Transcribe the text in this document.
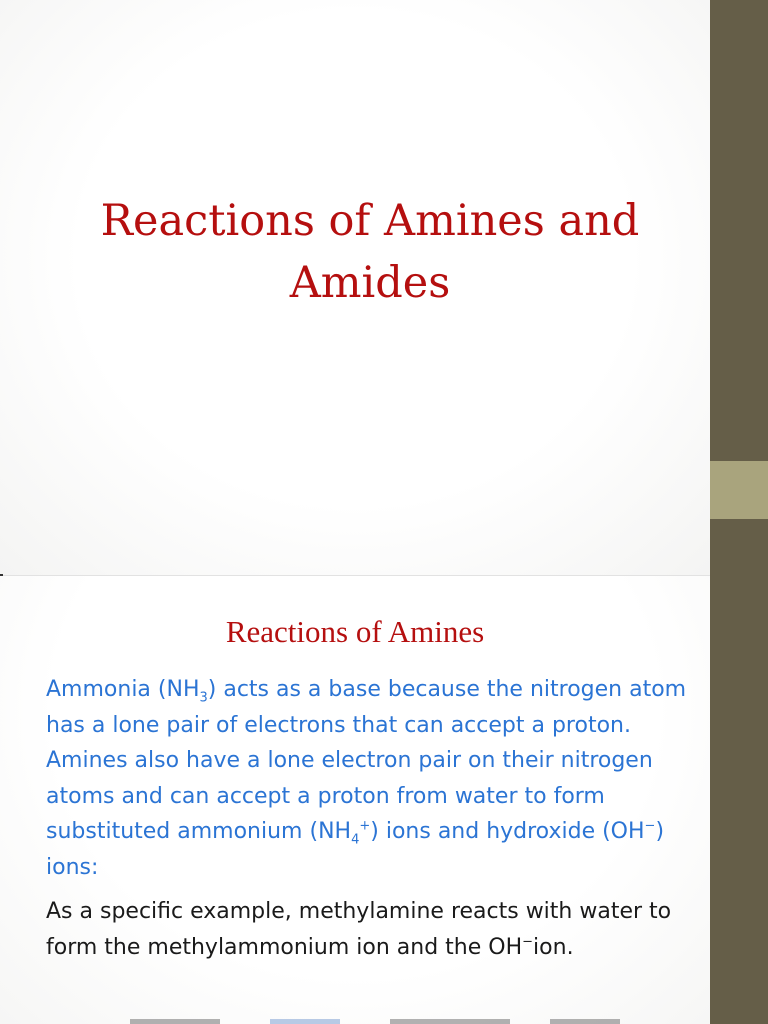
Reactions of Amines and
Amides
Reactions of Amines

Ammonia $(NH_3)$ acts as a base because the nitrogen atom has a lone pair of electrons that can accept a proton. Amines also have a lone electron pair on their nitrogen atoms and can accept a proton from water to form substituted ammonium $(NH_4^+)$ ions and hydroxide (OH−) ions:

As a specific example, methylamine reacts with water to form the methylammonium ion and the OH−ion.
